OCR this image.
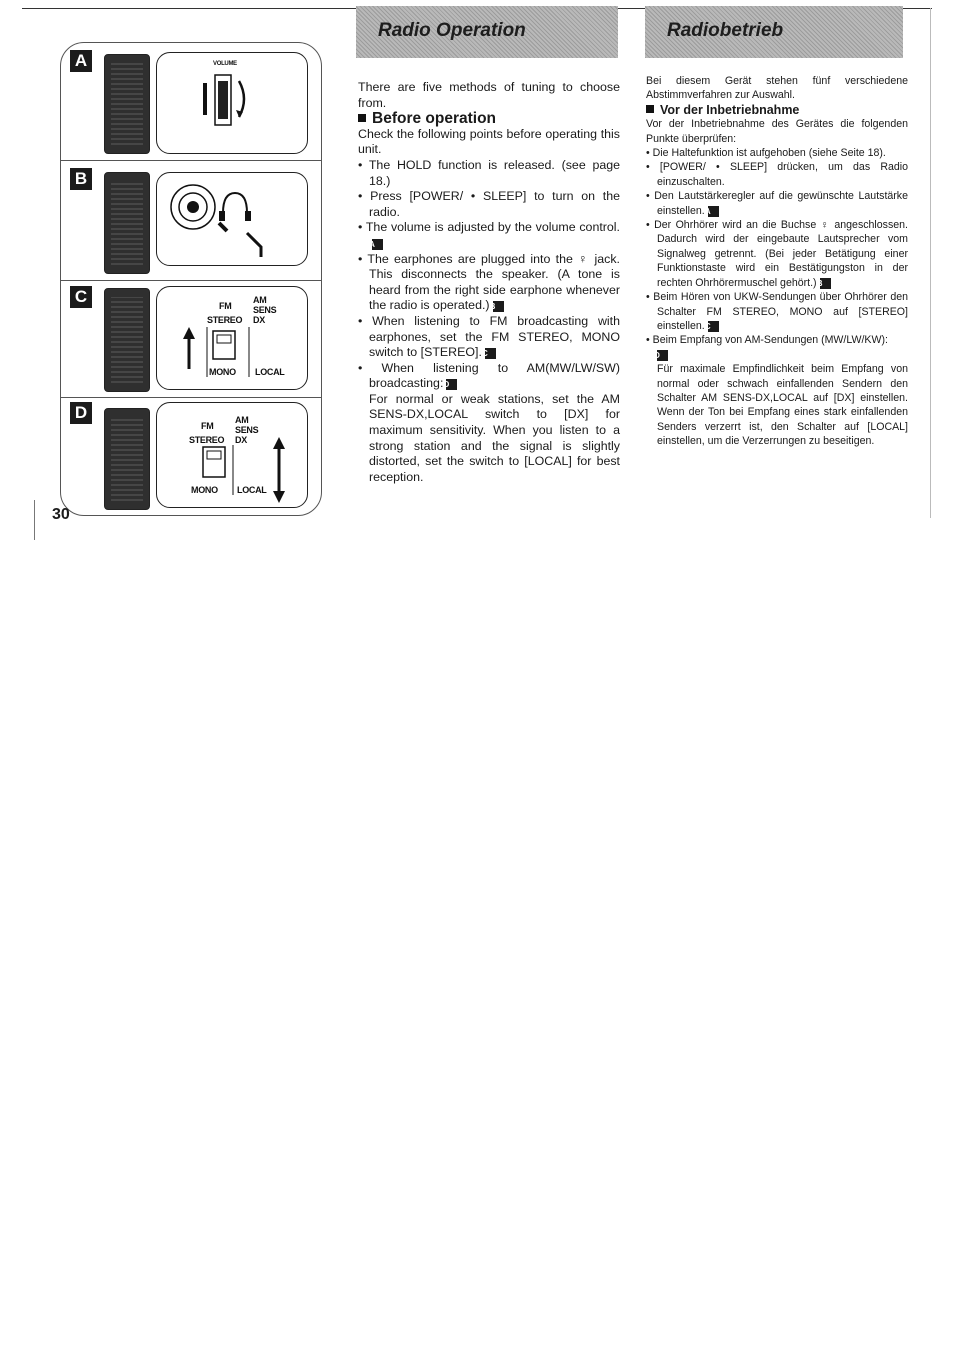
A	VOLUME
B
C	FM
AM
SENS
STEREO DX
MONO LOCAL
D
FM
AM
SENS
STEREO DX
MONO LOCAL
30
Radio Operation

There are five methods of tuning to choose from.

Before operation

Check the following points before operating this unit.

• The HOLD function is released. (see page 18.)

• Press [POWER/ • SLEEP] to turn on the radio.

• The volume is adjusted by the volume control.A

• The earphones are plugged into the ♀ jack. This disconnects the speaker. (A tone is heard from the right side earphone whenever the radio is operated.)B

• When listening to FM broadcasting with earphones, set the FM STEREO, MONO switch to [STEREO].C

• When listening to AM(MW/LW/SW) broadcasting:D

For normal or weak stations, set the AM SENS-DX,LOCAL switch to [DX] for maximum sensitivity. When you listen to a strong station and the signal is slightly distorted, set the switch to [LOCAL] for best reception.

Radiobetrieb

Bei diesem Gerät stehen fünf verschiedene Abstimmverfahren zur Auswahl.

Vor der Inbetriebnahme

Vor der Inbetriebnahme des Gerätes die folgenden Punkte überprüfen:

• Die Haltefunktion ist aufgehoben (siehe Seite 18).

• [POWER/ • SLEEP] drücken, um das Radio einzuschalten.

• Den Lautstärkeregler auf die gewünschte Lautstärke einstellen.A

• Der Ohrhörer wird an die Buchse ♀ angeschlossen. Dadurch wird der eingebaute Lautsprecher vom Signalweg getrennt. (Bei jeder Betätigung einer Funktionstaste wird ein Bestätigungston in der rechten Ohrhörermuschel gehört.)B

• Beim Hören von UKW-Sendungen über Ohrhörer den Schalter FM STEREO, MONO auf [STEREO] einstellen.C

• Beim Empfang von AM-Sendungen (MW/LW/KW):
D

Für maximale Empfindlichkeit beim Empfang von normal oder schwach einfallenden Sendern den Schalter AM SENS-DX,LOCAL auf [DX] einstellen. Wenn der Ton bei Empfang eines stark einfallenden Senders verzerrt ist, den Schalter auf [LOCAL] einstellen, um die Verzerrungen zu beseitigen.
